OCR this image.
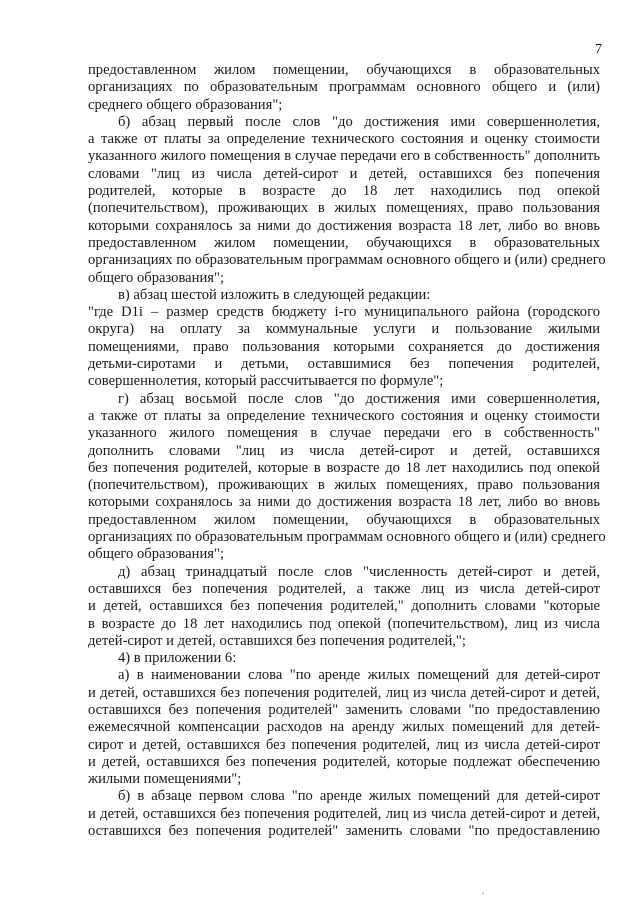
7
предоставленном жилом помещении, обучающихся в образовательных
организациях по образовательным программам основного общего и (или)
среднего общего образования";
б) абзац первый после слов "до достижения ими совершеннолетия,
а также от платы за определение технического состояния и оценку стоимости
указанного жилого помещения в случае передачи его в собственность" дополнить
словами "лиц из числа детей-сирот и детей, оставшихся без попечения
родителей, которые в возрасте до 18 лет находились под опекой
(попечительством), проживающих в жилых помещениях, право пользования
которыми сохранялось за ними до достижения возраста 18 лет, либо во вновь
предоставленном жилом помещении, обучающихся в образовательных
организациях по образовательным программам основного общего и (или) среднего
общего образования";
в) абзац шестой изложить в следующей редакции:
"где D1i – размер средств бюджету i-го муниципального района (городского
округа) на оплату за коммунальные услуги и пользование жилыми
помещениями, право пользования которыми сохраняется до достижения
детьми-сиротами и детьми, оставшимися без попечения родителей,
совершеннолетия, который рассчитывается по формуле";
г) абзац восьмой после слов "до достижения ими совершеннолетия,
а также от платы за определение технического состояния и оценку стоимости
указанного жилого помещения в случае передачи его в собственность"
дополнить словами "лиц из числа детей-сирот и детей, оставшихся
без попечения родителей, которые в возрасте до 18 лет находились под опекой
(попечительством), проживающих в жилых помещениях, право пользования
которыми сохранялось за ними до достижения возраста 18 лет, либо во вновь
предоставленном жилом помещении, обучающихся в образовательных
организациях по образовательным программам основного общего и (или) среднего
общего образования";
д) абзац тринадцатый после слов "численность детей-сирот и детей,
оставшихся без попечения родителей, а также лиц из числа детей-сирот
и детей, оставшихся без попечения родителей," дополнить словами "которые
в возрасте до 18 лет находились под опекой (попечительством), лиц из числа
детей-сирот и детей, оставшихся без попечения родителей,";
4) в приложении 6:
а) в наименовании слова "по аренде жилых помещений для детей-сирот
и детей, оставшихся без попечения родителей, лиц из числа детей-сирот и детей,
оставшихся без попечения родителей" заменить словами "по предоставлению
ежемесячной компенсации расходов на аренду жилых помещений для детей-
сирот и детей, оставшихся без попечения родителей, лиц из числа детей-сирот
и детей, оставшихся без попечения родителей, которые подлежат обеспечению
жилыми помещениями";
б) в абзаце первом слова "по аренде жилых помещений для детей-сирот
и детей, оставшихся без попечения родителей, лиц из числа детей-сирот и детей,
оставшихся без попечения родителей" заменить словами "по предоставлению
.
